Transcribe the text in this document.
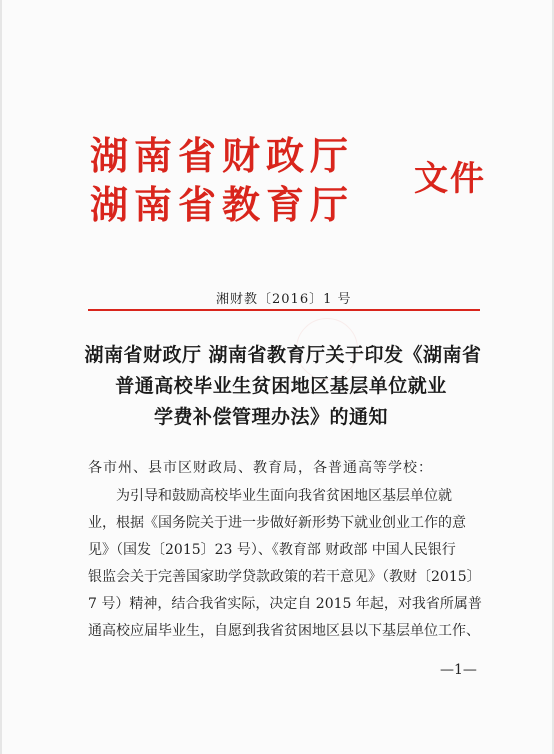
湖南省财政厅
湖南省教育厅
文件
湘财教〔2016〕1 号
湖南省财政厅 湖南省教育厅关于印发《湖南省
普通高校毕业生贫困地区基层单位就业
学费补偿管理办法》的通知
各市州、县市区财政局、教育局，各普通高等学校：
为引导和鼓励高校毕业生面向我省贫困地区基层单位就
业，根据《国务院关于进一步做好新形势下就业创业工作的意
见》（国发〔2015〕23 号）、《教育部 财政部 中国人民银行
银监会关于完善国家助学贷款政策的若干意见》（教财〔2015〕
7 号）精神，结合我省实际，决定自 2015 年起，对我省所属普
通高校应届毕业生，自愿到我省贫困地区县以下基层单位工作、
—1—
